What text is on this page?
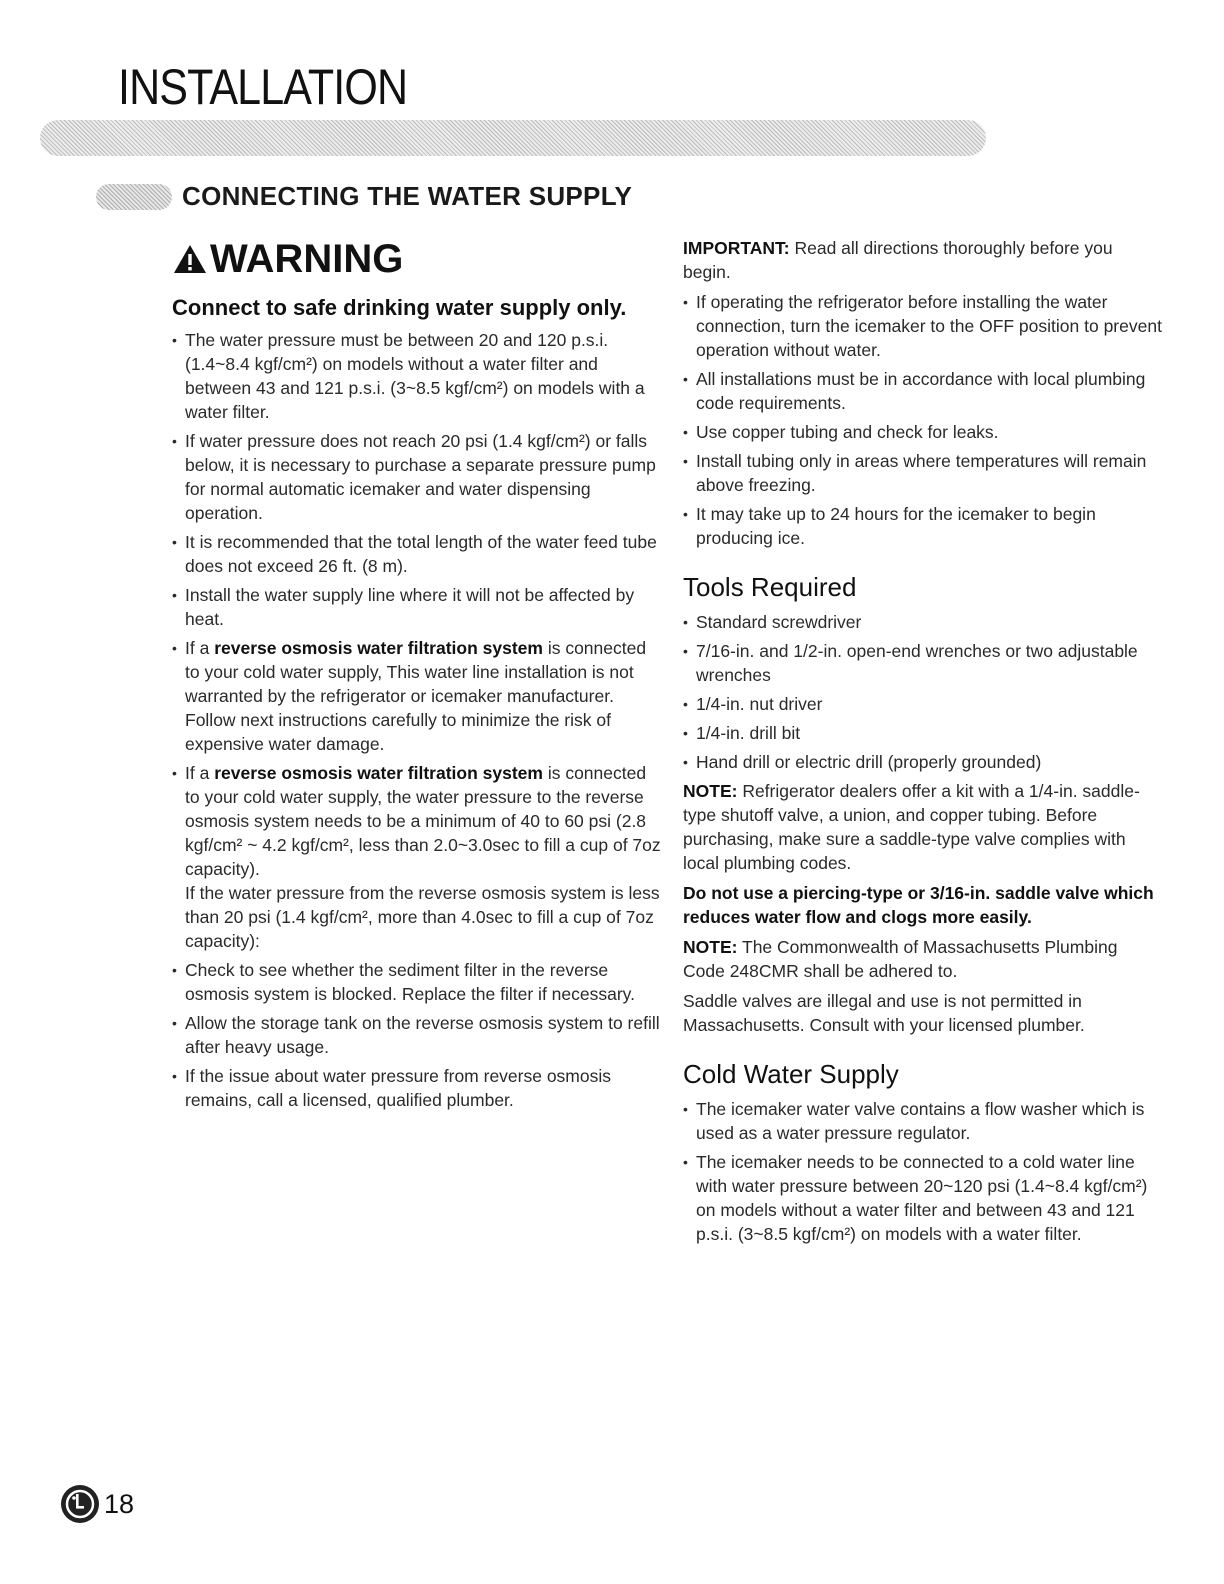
INSTALLATION
CONNECTING THE WATER SUPPLY
WARNING
Connect to safe drinking water supply only.
• The water pressure must be between 20 and 120 p.s.i. (1.4~8.4 kgf/cm²) on models without a water filter and between 43 and 121 p.s.i. (3~8.5 kgf/cm²) on models with a water filter.
• If water pressure does not reach 20 psi (1.4 kgf/cm²) or falls below, it is necessary to purchase a separate pressure pump for normal automatic icemaker and water dispensing operation.
• It is recommended that the total length of the water feed tube does not exceed 26 ft. (8 m).
• Install the water supply line where it will not be affected by heat.
• If a reverse osmosis water filtration system is connected to your cold water supply, This water line installation is not warranted by the refrigerator or icemaker manufacturer. Follow next instructions carefully to minimize the risk of expensive water damage.
• If a reverse osmosis water filtration system is connected to your cold water supply, the water pressure to the reverse osmosis system needs to be a minimum of 40 to 60 psi (2.8 kgf/cm² ~ 4.2 kgf/cm², less than 2.0~3.0sec to fill a cup of 7oz capacity).
If the water pressure from the reverse osmosis system is less than 20 psi (1.4 kgf/cm², more than 4.0sec to fill a cup of 7oz capacity):
• Check to see whether the sediment filter in the reverse osmosis system is blocked. Replace the filter if necessary.
• Allow the storage tank on the reverse osmosis system to refill after heavy usage.
• If the issue about water pressure from reverse osmosis remains, call a licensed, qualified plumber.

IMPORTANT: Read all directions thoroughly before you begin.

• If operating the refrigerator before installing the water connection, turn the icemaker to the OFF position to prevent operation without water.
• All installations must be in accordance with local plumbing code requirements.
• Use copper tubing and check for leaks.
• Install tubing only in areas where temperatures will remain above freezing.
• It may take up to 24 hours for the icemaker to begin producing ice.
Tools Required
• Standard screwdriver
• 7/16-in. and 1/2-in. open-end wrenches or two adjustable wrenches
• 1/4-in. nut driver
• 1/4-in. drill bit
• Hand drill or electric drill (properly grounded)

NOTE: Refrigerator dealers offer a kit with a 1/4-in. saddle-type shutoff valve, a union, and copper tubing. Before purchasing, make sure a saddle-type valve complies with local plumbing codes.

Do not use a piercing-type or 3/16-in. saddle valve which reduces water flow and clogs more easily.

NOTE: The Commonwealth of Massachusetts Plumbing Code 248CMR shall be adhered to.

Saddle valves are illegal and use is not permitted in Massachusetts. Consult with your licensed plumber.

Cold Water Supply
• The icemaker water valve contains a flow washer which is used as a water pressure regulator.
• The icemaker needs to be connected to a cold water line with water pressure between 20~120 psi (1.4~8.4 kgf/cm²) on models without a water filter and between 43 and 121 p.s.i. (3~8.5 kgf/cm²) on models with a water filter.
18
